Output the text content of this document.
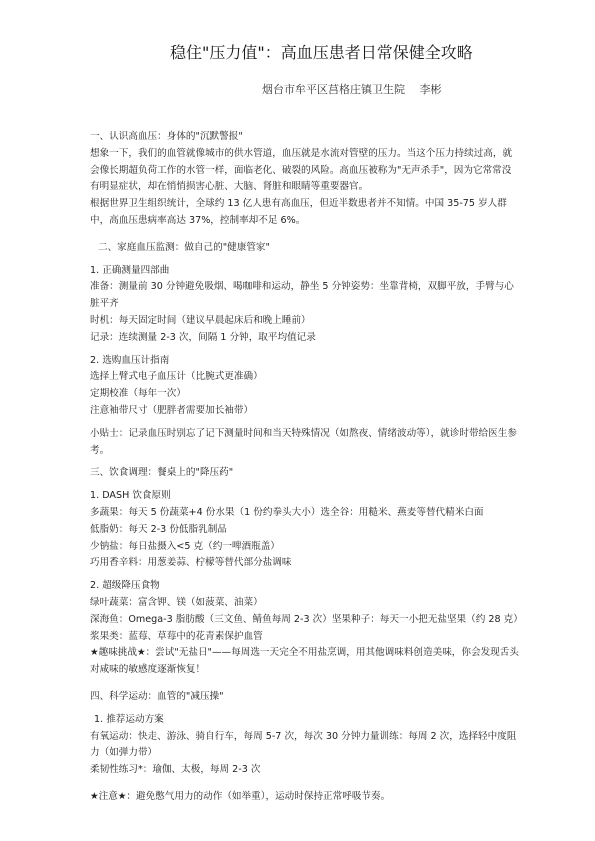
稳住"压力值"：高血压患者日常保健全攻略
烟台市牟平区莒格庄镇卫生院　 李彬

一、认识高血压：身体的"沉默警报"

想象一下，我们的血管就像城市的供水管道，血压就是水流对管壁的压力。当这个压力持续过高，就会像长期超负荷工作的水管一样，面临老化、破裂的风险。高血压被称为"无声杀手"，因为它常常没有明显症状，却在悄悄损害心脏、大脑、肾脏和眼睛等重要器官。

根据世界卫生组织统计，全球约 13 亿人患有高血压，但近半数患者并不知情。中国 35-75 岁人群中，高血压患病率高达 37%，控制率却不足 6%。

二、家庭血压监测：做自己的"健康管家"

1. 正确测量四部曲

准备：测量前 30 分钟避免吸烟、喝咖啡和运动，静坐 5 分钟姿势：坐靠背椅，双脚平放，手臂与心脏平齐

时机：每天固定时间（建议早晨起床后和晚上睡前）

记录：连续测量 2-3 次，间隔 1 分钟，取平均值记录

2. 选购血压计指南

选择上臂式电子血压计（比腕式更准确）

定期校准（每年一次）

注意袖带尺寸（肥胖者需要加长袖带）

小贴士：记录血压时别忘了记下测量时间和当天特殊情况（如熬夜、情绪波动等），就诊时带给医生参考。

三、饮食调理：餐桌上的"降压药"

1. DASH 饮食原则

多蔬果：每天 5 份蔬菜+4 份水果（1 份约拳头大小）选全谷：用糙米、燕麦等替代精米白面

低脂奶：每天 2-3 份低脂乳制品

少钠盐：每日盐摄入<5 克（约一啤酒瓶盖）

巧用香辛料：用葱姜蒜、柠檬等替代部分盐调味

2. 超级降压食物

绿叶蔬菜：富含钾、镁（如菠菜、油菜）

深海鱼：Omega-3 脂肪酸（三文鱼、鲭鱼每周 2-3 次）坚果种子：每天一小把无盐坚果（约 28 克）

浆果类：蓝莓、草莓中的花青素保护血管

★趣味挑战★：尝试"无盐日"——每周选一天完全不用盐烹调，用其他调味料创造美味，你会发现舌头对咸味的敏感度逐渐恢复！

四、科学运动：血管的"减压操"

1. 推荐运动方案

有氧运动：快走、游泳、骑自行车，每周 5-7 次，每次 30 分钟力量训练：每周 2 次，选择轻中度阻力（如弹力带）

柔韧性练习*：瑜伽、太极，每周 2-3 次

★注意★：避免憋气用力的动作（如举重），运动时保持正常呼吸节奏。
